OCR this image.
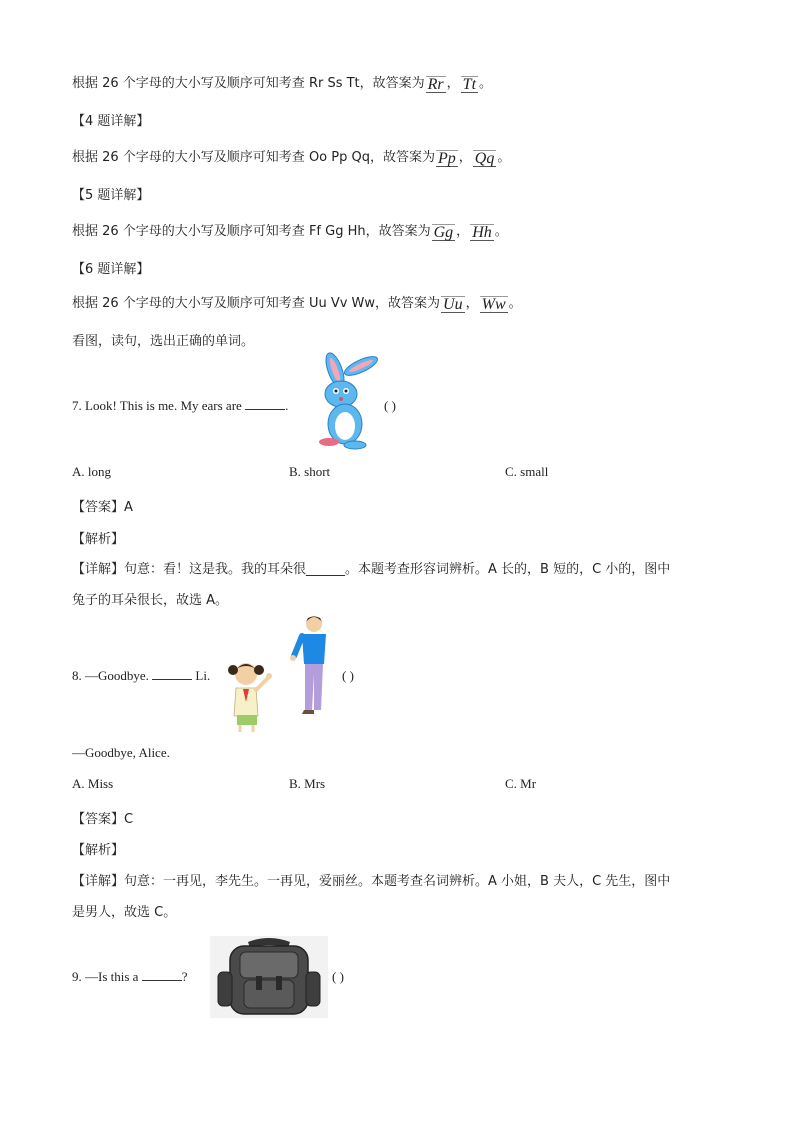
根据 26 个字母的大小写及顺序可知考查 Rr Ss Tt，故答案为 Rr ， Tt 。
【4 题详解】
根据 26 个字母的大小写及顺序可知考查 Oo Pp Qq，故答案为 Pp ， Qq 。
【5 题详解】
根据 26 个字母的大小写及顺序可知考查 Ff Gg Hh，故答案为 Gg ， Hh 。
【6 题详解】
根据 26 个字母的大小写及顺序可知考查 Uu Vv Ww，故答案为 Uu ， Ww 。
看图，读句，选出正确的单词。
7. Look! This is me. My ears are	.	( )
A. long	B. short	C. small
【答案】A
【解析】
【详解】句意：看！这是我。我的耳朵很______。本题考查形容词辨析。A 长的，B 短的，C 小的，图中
兔子的耳朵很长，故选 A。
8. —Goodbye.	Li.	( )
—Goodbye, Alice.
A. Miss	B. Mrs	C. Mr
【答案】C
【解析】
【详解】句意：一再见，李先生。一再见，爱丽丝。本题考查名词辨析。A 小姐，B 夫人，C 先生，图中
是男人，故选 C。
9. —Is this a	?	( )
